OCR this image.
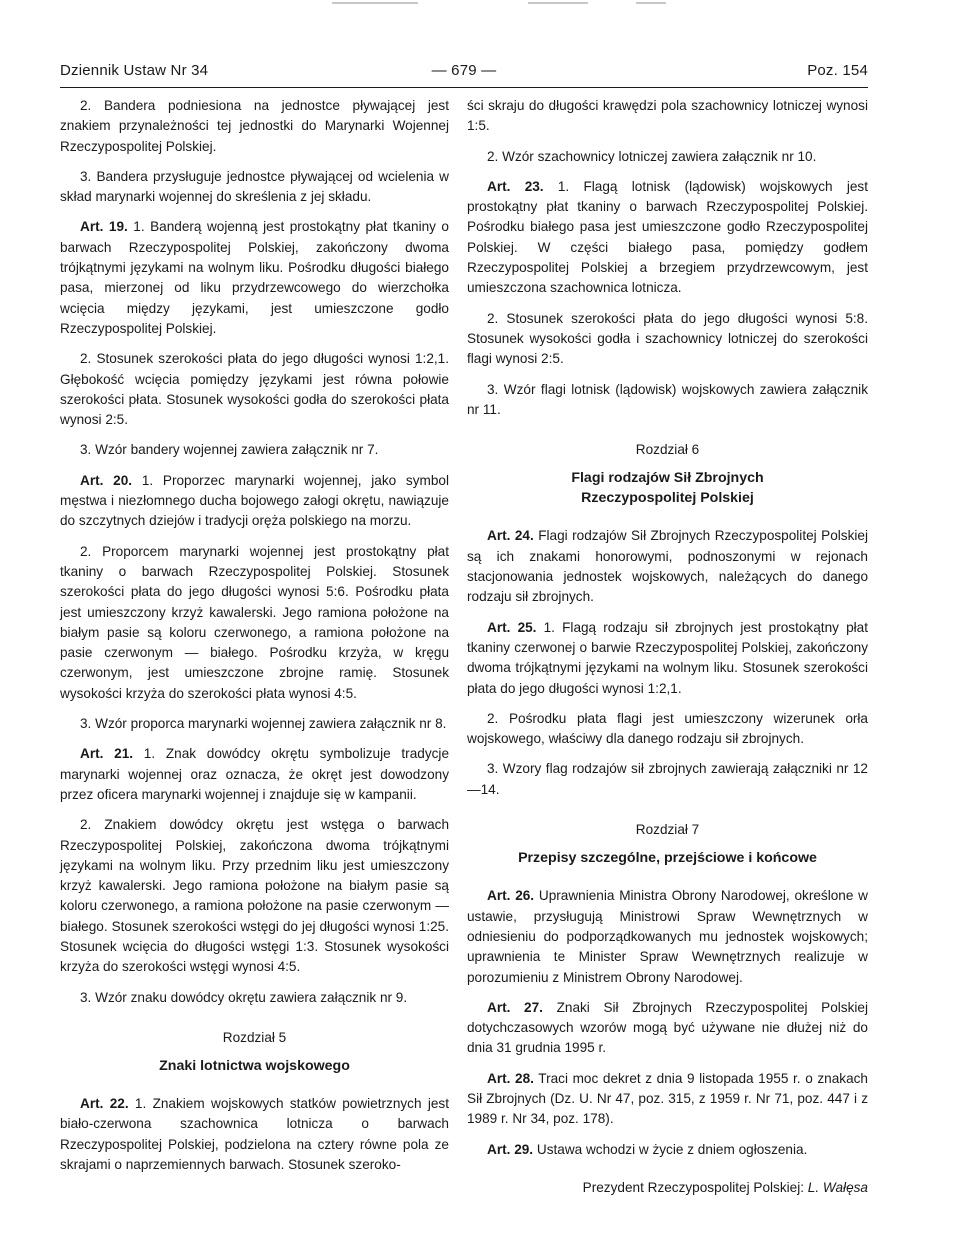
Dziennik Ustaw Nr 34	— 679 —	Poz. 154

2. Bandera podniesiona na jednostce pływającej jest znakiem przynależności tej jednostki do Marynarki Wojennej Rzeczypospolitej Polskiej.

3. Bandera przysługuje jednostce pływającej od wcielenia w skład marynarki wojennej do skreślenia z jej składu.

Art. 19. 1. Banderą wojenną jest prostokątny płat tkaniny o barwach Rzeczypospolitej Polskiej, zakończony dwoma trójkątnymi językami na wolnym liku. Pośrodku długości białego pasa, mierzonej od liku przydrzewcowego do wierzchołka wcięcia między językami, jest umieszczone godło Rzeczypospolitej Polskiej.

2. Stosunek szerokości płata do jego długości wynosi 1:2,1. Głębokość wcięcia pomiędzy językami jest równa połowie szerokości płata. Stosunek wysokości godła do szerokości płata wynosi 2:5.

3. Wzór bandery wojennej zawiera załącznik nr 7.

Art. 20. 1. Proporzec marynarki wojennej, jako symbol męstwa i niezłomnego ducha bojowego załogi okrętu, nawiązuje do szczytnych dziejów i tradycji oręża polskiego na morzu.

2. Proporcem marynarki wojennej jest prostokątny płat tkaniny o barwach Rzeczypospolitej Polskiej. Stosunek szerokości płata do jego długości wynosi 5:6. Pośrodku płata jest umieszczony krzyż kawalerski. Jego ramiona położone na białym pasie są koloru czerwonego, a ramiona położone na pasie czerwonym — białego. Pośrodku krzyża, w kręgu czerwonym, jest umieszczone zbrojne ramię. Stosunek wysokości krzyża do szerokości płata wynosi 4:5.

3. Wzór proporca marynarki wojennej zawiera załącznik nr 8.

Art. 21. 1. Znak dowódcy okrętu symbolizuje tradycje marynarki wojennej oraz oznacza, że okręt jest dowodzony przez oficera marynarki wojennej i znajduje się w kampanii.

2. Znakiem dowódcy okrętu jest wstęga o barwach Rzeczypospolitej Polskiej, zakończona dwoma trójkątnymi językami na wolnym liku. Przy przednim liku jest umieszczony krzyż kawalerski. Jego ramiona położone na białym pasie są koloru czerwonego, a ramiona położone na pasie czerwonym — białego. Stosunek szerokości wstęgi do jej długości wynosi 1:25. Stosunek wcięcia do długości wstęgi 1:3. Stosunek wysokości krzyża do szerokości wstęgi wynosi 4:5.

3. Wzór znaku dowódcy okrętu zawiera załącznik nr 9.

Rozdział 5
Znaki lotnictwa wojskowego

Art. 22. 1. Znakiem wojskowych statków powietrznych jest biało-czerwona szachownica lotnicza o barwach Rzeczypospolitej Polskiej, podzielona na cztery równe pola ze skrajami o naprzemiennych barwach. Stosunek szeroko-

ści skraju do długości krawędzi pola szachownicy lotniczej wynosi 1:5.

2. Wzór szachownicy lotniczej zawiera załącznik nr 10.

Art. 23. 1. Flagą lotnisk (lądowisk) wojskowych jest prostokątny płat tkaniny o barwach Rzeczypospolitej Polskiej. Pośrodku białego pasa jest umieszczone godło Rzeczypospolitej Polskiej. W części białego pasa, pomiędzy godłem Rzeczypospolitej Polskiej a brzegiem przydrzewcowym, jest umieszczona szachownica lotnicza.

2. Stosunek szerokości płata do jego długości wynosi 5:8. Stosunek wysokości godła i szachownicy lotniczej do szerokości flagi wynosi 2:5.

3. Wzór flagi lotnisk (lądowisk) wojskowych zawiera załącznik nr 11.

Rozdział 6
Flagi rodzajów Sił Zbrojnych
Rzeczypospolitej Polskiej

Art. 24. Flagi rodzajów Sił Zbrojnych Rzeczypospolitej Polskiej są ich znakami honorowymi, podnoszonymi w rejonach stacjonowania jednostek wojskowych, należących do danego rodzaju sił zbrojnych.

Art. 25. 1. Flagą rodzaju sił zbrojnych jest prostokątny płat tkaniny czerwonej o barwie Rzeczypospolitej Polskiej, zakończony dwoma trójkątnymi językami na wolnym liku. Stosunek szerokości płata do jego długości wynosi 1:2,1.

2. Pośrodku płata flagi jest umieszczony wizerunek orła wojskowego, właściwy dla danego rodzaju sił zbrojnych.

3. Wzory flag rodzajów sił zbrojnych zawierają załączniki nr 12—14.

Rozdział 7
Przepisy szczególne, przejściowe i końcowe

Art. 26. Uprawnienia Ministra Obrony Narodowej, określone w ustawie, przysługują Ministrowi Spraw Wewnętrznych w odniesieniu do podporządkowanych mu jednostek wojskowych; uprawnienia te Minister Spraw Wewnętrznych realizuje w porozumieniu z Ministrem Obrony Narodowej.

Art. 27. Znaki Sił Zbrojnych Rzeczypospolitej Polskiej dotychczasowych wzorów mogą być używane nie dłużej niż do dnia 31 grudnia 1995 r.

Art. 28. Traci moc dekret z dnia 9 listopada 1955 r. o znakach Sił Zbrojnych (Dz. U. Nr 47, poz. 315, z 1959 r. Nr 71, poz. 447 i z 1989 r. Nr 34, poz. 178).

Art. 29. Ustawa wchodzi w życie z dniem ogłoszenia.

Prezydent Rzeczypospolitej Polskiej: L. Wałęsa
